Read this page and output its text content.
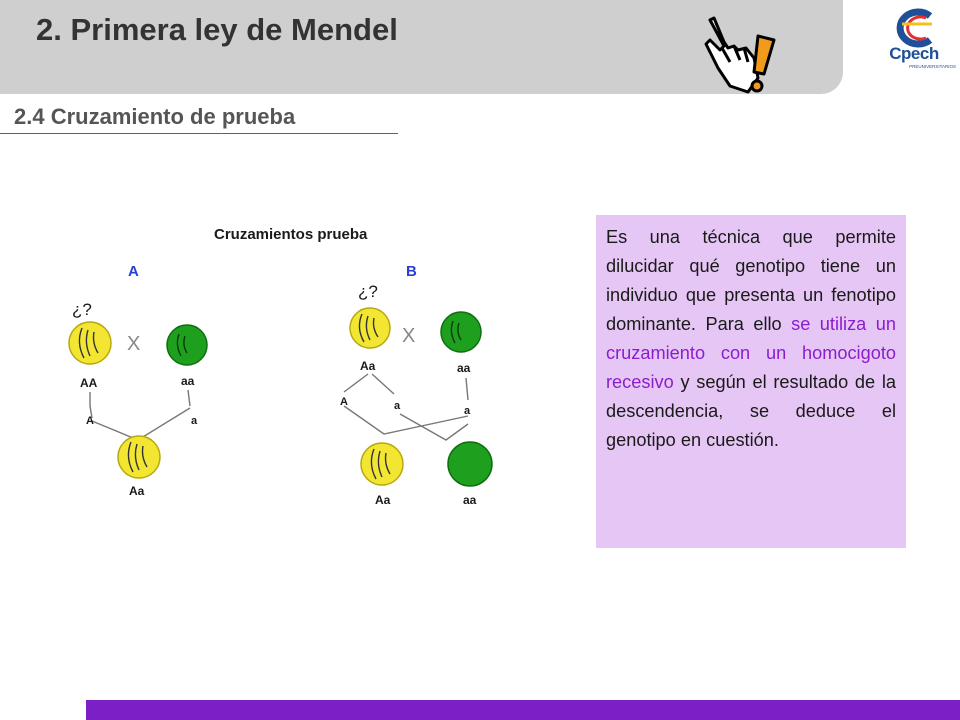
2. Primera ley de Mendel
Cpech
PREUNIVERSITARIOS
2.4 Cruzamiento de prueba
Cruzamientos prueba
A
¿?
X
AA	aa
A	a
Aa
B
¿?
X
Aa	aa
A	a	a
Aa	aa
Es una técnica que permite dilucidar qué genotipo tiene un individuo que presenta un fenotipo dominante. Para ello se utiliza un cruzamiento con un homocigoto recesivo y según el resultado de la descendencia, se deduce el genotipo en cuestión.
